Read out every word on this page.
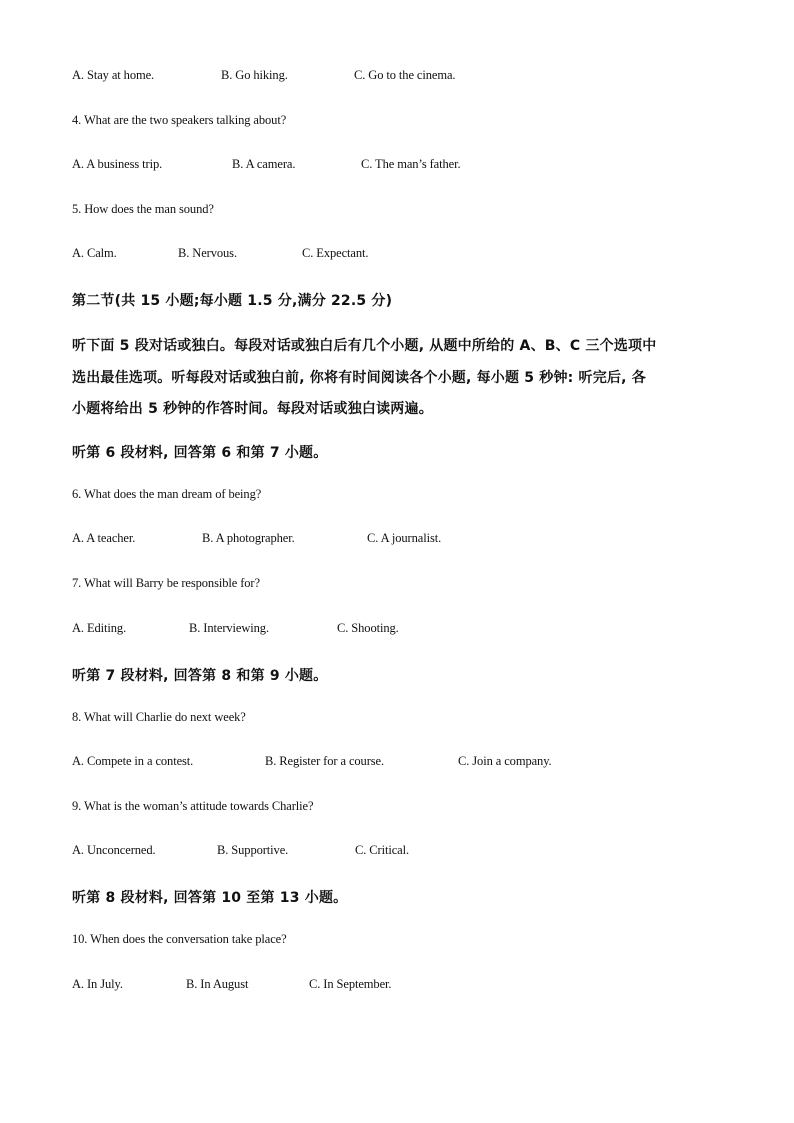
A. Stay at home.	B. Go hiking.	C. Go to the cinema.
4. What are the two speakers talking about?
A. A business trip.	B. A camera.	C. The man’s father.
5. How does the man sound?
A. Calm.	B. Nervous.	C. Expectant.
第二节(共 15 小题;每小题 1.5 分,满分 22.5 分)
听下面 5 段对话或独白。每段对话或独白后有几个小题, 从题中所给的 A、B、C 三个选项中
选出最佳选项。听每段对话或独白前, 你将有时间阅读各个小题, 每小题 5 秒钟: 听完后, 各
小题将给出 5 秒钟的作答时间。每段对话或独白读两遍。
听第 6 段材料, 回答第 6 和第 7 小题。
6. What does the man dream of being?
A. A teacher.	B. A photographer.	C. A journalist.
7. What will Barry be responsible for?
A. Editing.	B. Interviewing.	C. Shooting.
听第 7 段材料, 回答第 8 和第 9 小题。
8. What will Charlie do next week?
A. Compete in a contest.	B. Register for a course.	C. Join a company.
9. What is the woman’s attitude towards Charlie?
A. Unconcerned.	B. Supportive.	C. Critical.
听第 8 段材料, 回答第 10 至第 13 小题。
10. When does the conversation take place?
A. In July.	B. In August	C. In September.
